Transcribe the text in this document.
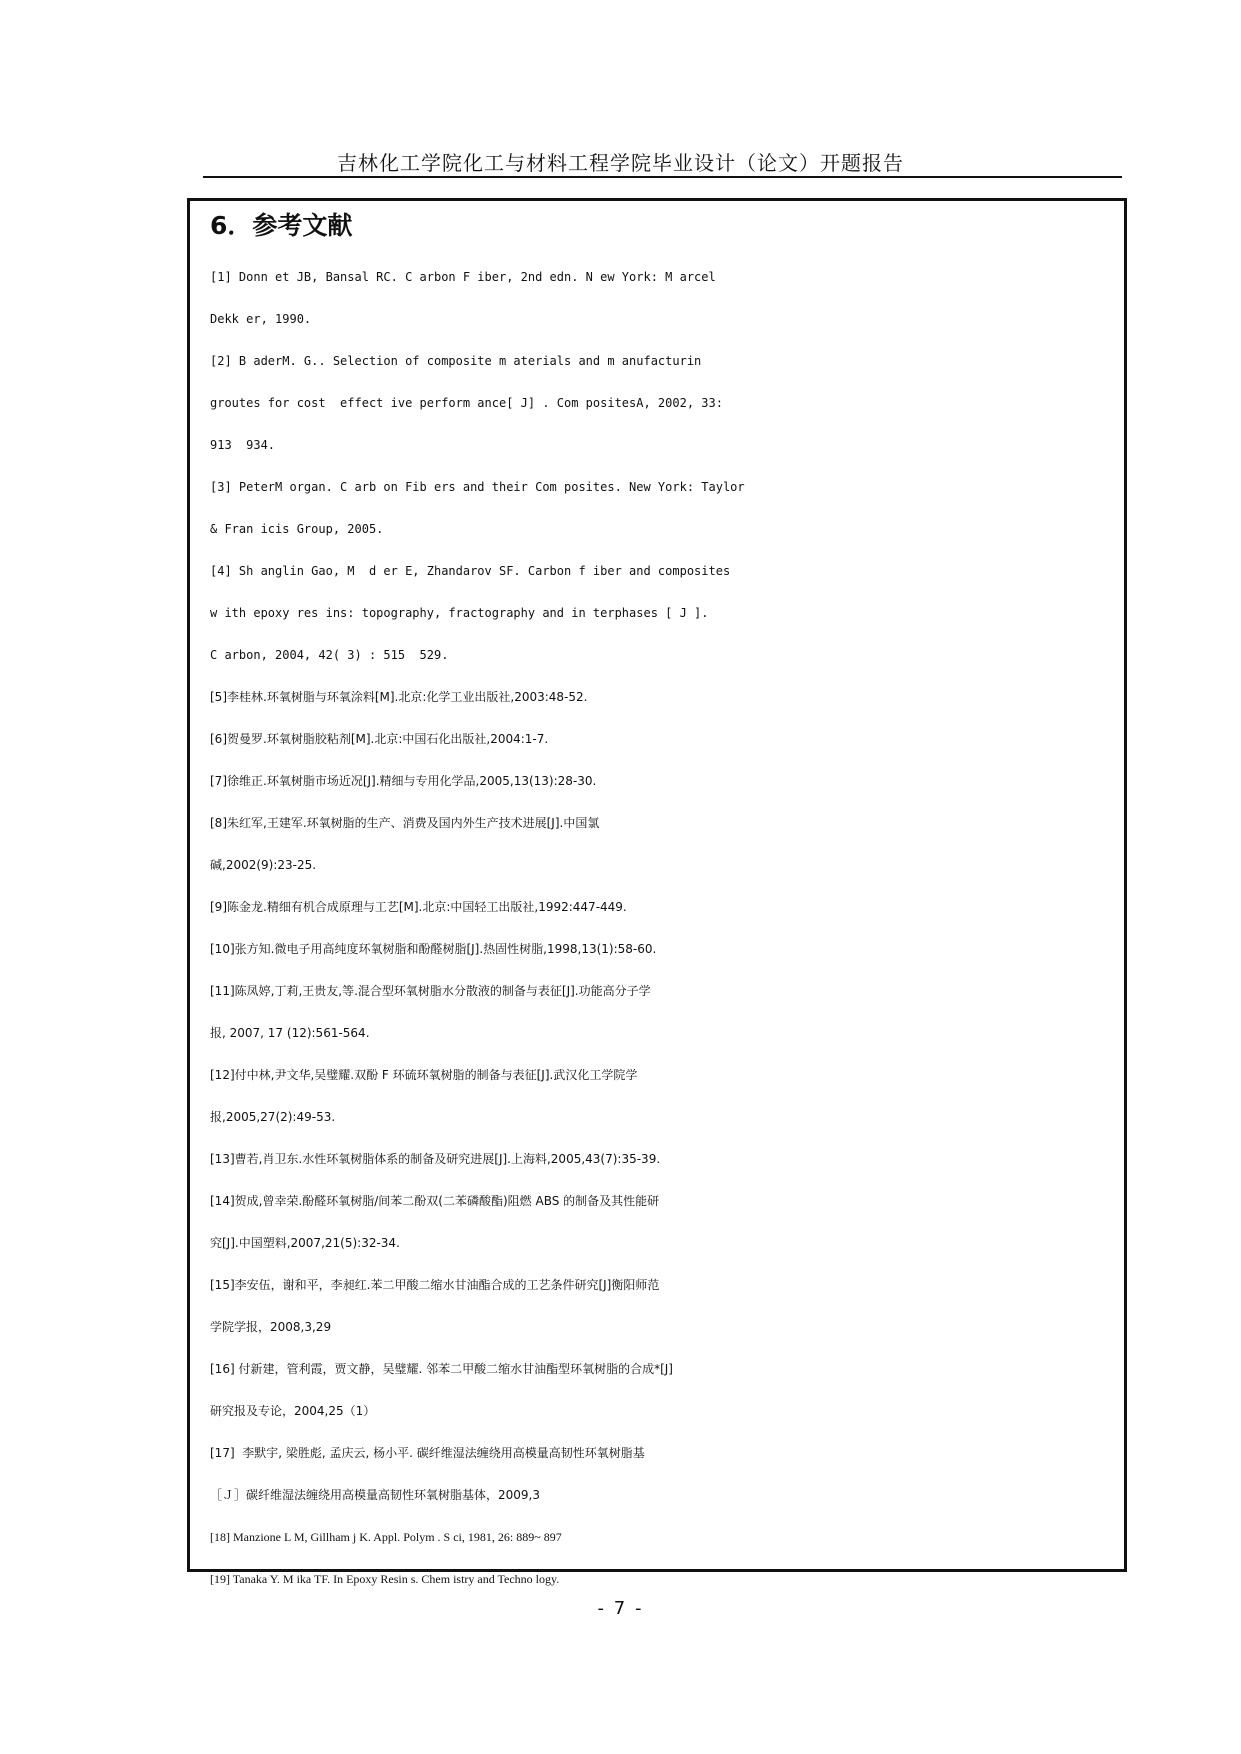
吉林化工学院化工与材料工程学院毕业设计（论文）开题报告
6．参考文献
[1] Donn et JB, Bansal RC. C arbon F iber, 2nd edn. N ew York: M arcel
Dekk er, 1990.
[2] B aderM. G.. Selection of composite m aterials and m anufacturin
groutes for cost  effect ive perform ance[ J] . Com positesA, 2002, 33:
913  934.
[3] PeterM organ. C arb on Fib ers and their Com posites. New York: Taylor
& Fran icis Group, 2005.
[4] Sh anglin Gao, M  d er E, Zhandarov SF. Carbon f iber and composites
w ith epoxy res ins: topography, fractography and in terphases [ J ].
C arbon, 2004, 42( 3) : 515  529.
[5]李桂林.环氧树脂与环氧涂料[M].北京:化学工业出版社,2003:48-52.
[6]贺曼罗.环氧树脂胶粘剂[M].北京:中国石化出版社,2004:1-7.
[7]徐维正.环氧树脂市场近况[J].精细与专用化学品,2005,13(13):28-30.
[8]朱红军,王建军.环氧树脂的生产、消费及国内外生产技术进展[J].中国氯
碱,2002(9):23-25.
[9]陈金龙.精细有机合成原理与工艺[M].北京:中国轻工出版社,1992:447-449.
[10]张方知.微电子用高纯度环氧树脂和酚醛树脂[J].热固性树脂,1998,13(1):58-60.
[11]陈凤婷,丁莉,王贵友,等.混合型环氧树脂水分散液的制备与表征[J].功能高分子学
报, 2007, 17 (12):561-564.
[12]付中林,尹文华,吴璧耀.双酚 F 环硫环氧树脂的制备与表征[J].武汉化工学院学
报,2005,27(2):49-53.
[13]曹若,肖卫东.水性环氧树脂体系的制备及研究进展[J].上海料,2005,43(7):35-39.
[14]贺成,曾幸荣.酚醛环氧树脂/间苯二酚双(二苯磷酸酯)阻燃 ABS 的制备及其性能研
究[J].中国塑料,2007,21(5):32-34.
[15]李安伍，谢和平，李昶红.苯二甲酸二缩水甘油酯合成的工艺条件研究[J]衡阳师范
学院学报，2008,3,29
[16] 付新建，管利霞，贾文静，吴璧耀. 邻苯二甲酸二缩水甘油酯型环氧树脂的合成*[J]
研究报及专论，2004,25（1）
[17]  李默宇, 梁胜彪, 孟庆云, 杨小平. 碳纤维湿法缠绕用高模量高韧性环氧树脂基
［Ｊ］碳纤维湿法缠绕用高模量高韧性环氧树脂基体，2009,3
[18] Manzione L M, Gillham j K. Appl. Polym . S ci, 1981, 26: 889~ 897
[19] Tanaka Y. M ika TF. In Epoxy Resin s. Chem istry and Techno logy.
- 7 -
